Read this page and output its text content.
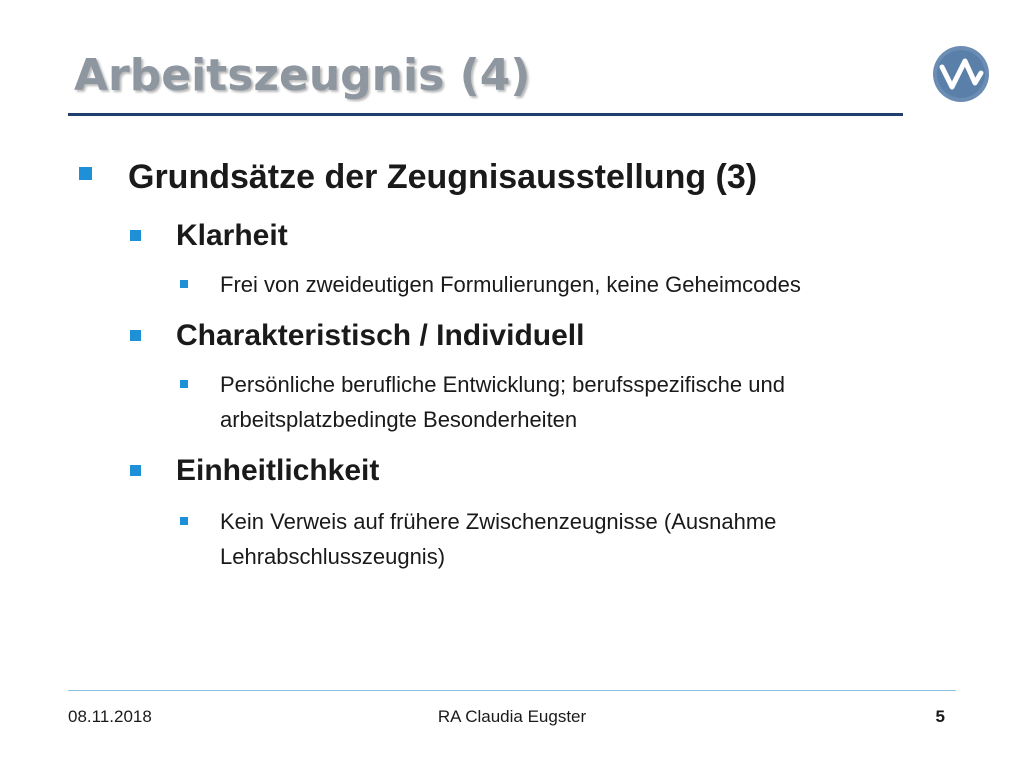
Arbeitszeugnis (4)
Grundsätze der Zeugnisausstellung (3)
Klarheit
Frei von zweideutigen Formulierungen, keine Geheimcodes
Charakteristisch / Individuell
Persönliche berufliche Entwicklung; berufsspezifische und
arbeitsplatzbedingte Besonderheiten
Einheitlichkeit
Kein Verweis auf frühere Zwischenzeugnisse (Ausnahme
Lehrabschlusszeugnis)
08.11.2018	RA Claudia Eugster	5
